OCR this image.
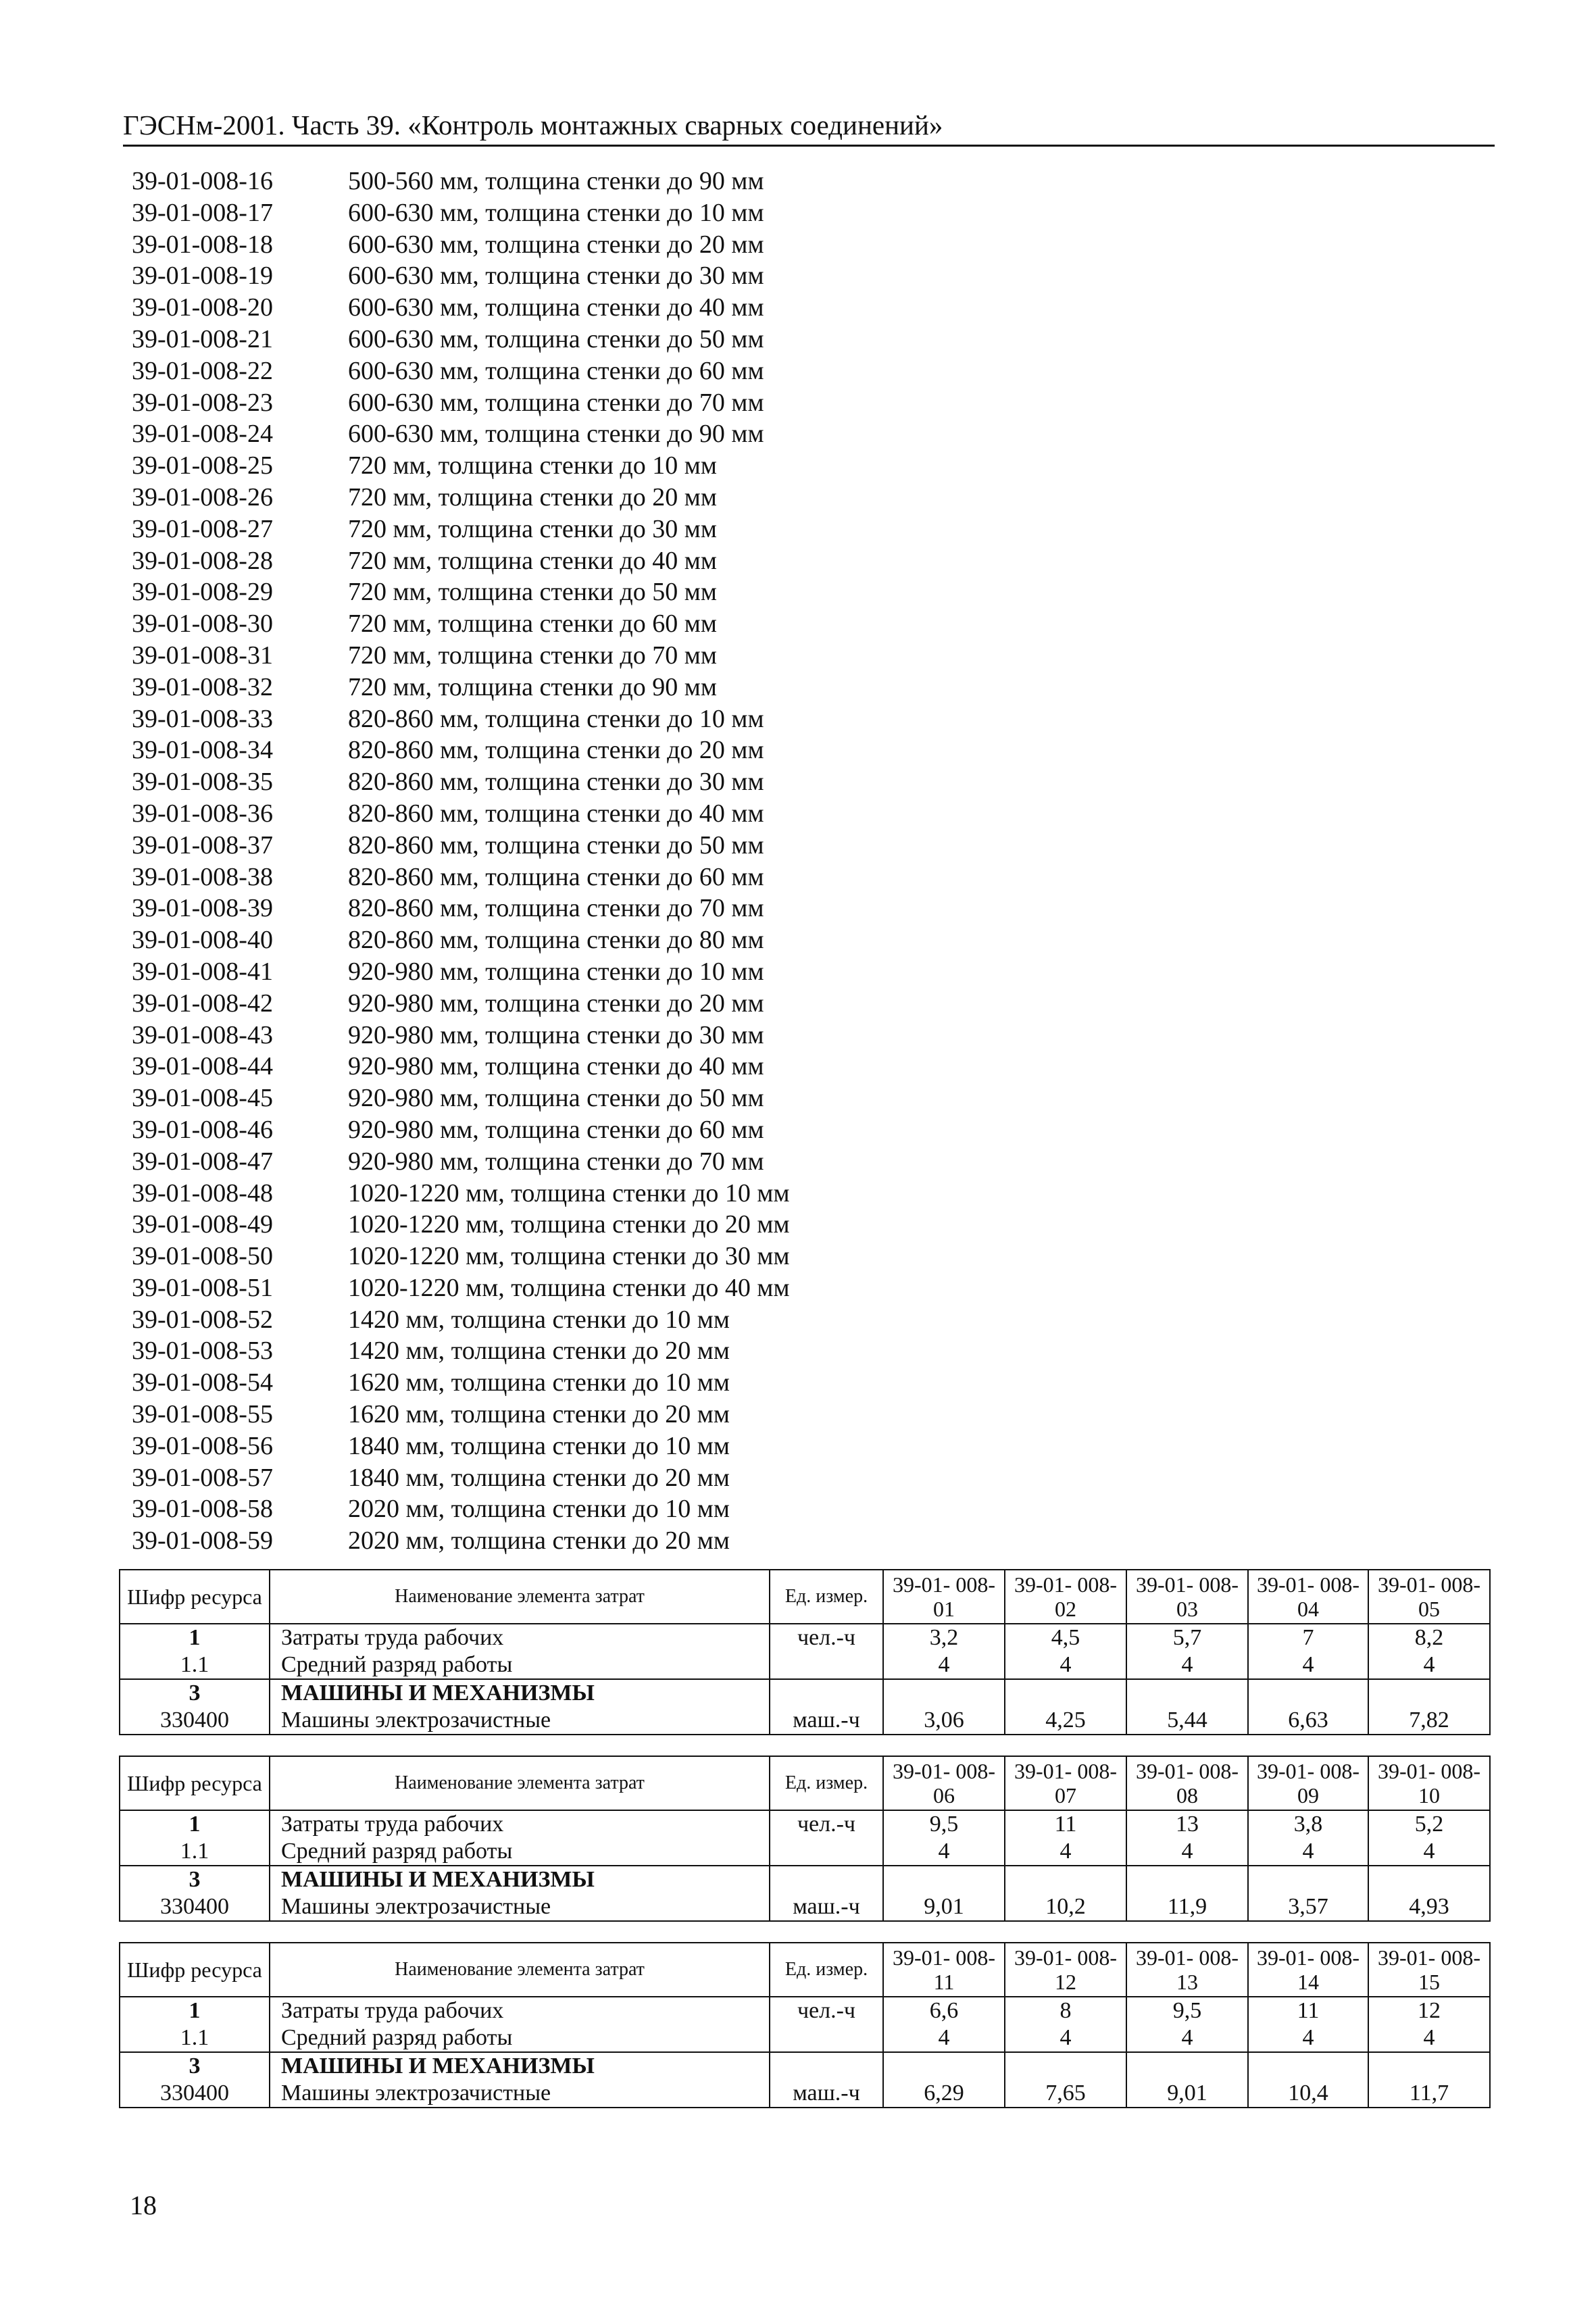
ГЭСНм-2001. Часть 39. «Контроль монтажных сварных соединений»
39-01-008-16	500-560 мм, толщина стенки до 90 мм
39-01-008-17	600-630 мм, толщина стенки до 10 мм
39-01-008-18	600-630 мм, толщина стенки до 20 мм
39-01-008-19	600-630 мм, толщина стенки до 30 мм
39-01-008-20	600-630 мм, толщина стенки до 40 мм
39-01-008-21	600-630 мм, толщина стенки до 50 мм
39-01-008-22	600-630 мм, толщина стенки до 60 мм
39-01-008-23	600-630 мм, толщина стенки до 70 мм
39-01-008-24	600-630 мм, толщина стенки до 90 мм
39-01-008-25	720 мм, толщина стенки до 10 мм
39-01-008-26	720 мм, толщина стенки до 20 мм
39-01-008-27	720 мм, толщина стенки до 30 мм
39-01-008-28	720 мм, толщина стенки до 40 мм
39-01-008-29	720 мм, толщина стенки до 50 мм
39-01-008-30	720 мм, толщина стенки до 60 мм
39-01-008-31	720 мм, толщина стенки до 70 мм
39-01-008-32	720 мм, толщина стенки до 90 мм
39-01-008-33	820-860 мм, толщина стенки до 10 мм
39-01-008-34	820-860 мм, толщина стенки до 20 мм
39-01-008-35	820-860 мм, толщина стенки до 30 мм
39-01-008-36	820-860 мм, толщина стенки до 40 мм
39-01-008-37	820-860 мм, толщина стенки до 50 мм
39-01-008-38	820-860 мм, толщина стенки до 60 мм
39-01-008-39	820-860 мм, толщина стенки до 70 мм
39-01-008-40	820-860 мм, толщина стенки до 80 мм
39-01-008-41	920-980 мм, толщина стенки до 10 мм
39-01-008-42	920-980 мм, толщина стенки до 20 мм
39-01-008-43	920-980 мм, толщина стенки до 30 мм
39-01-008-44	920-980 мм, толщина стенки до 40 мм
39-01-008-45	920-980 мм, толщина стенки до 50 мм
39-01-008-46	920-980 мм, толщина стенки до 60 мм
39-01-008-47	920-980 мм, толщина стенки до 70 мм
39-01-008-48	1020-1220 мм, толщина стенки до 10 мм
39-01-008-49	1020-1220 мм, толщина стенки до 20 мм
39-01-008-50	1020-1220 мм, толщина стенки до 30 мм
39-01-008-51	1020-1220 мм, толщина стенки до 40 мм
39-01-008-52	1420 мм, толщина стенки до 10 мм
39-01-008-53	1420 мм, толщина стенки до 20 мм
39-01-008-54	1620 мм, толщина стенки до 10 мм
39-01-008-55	1620 мм, толщина стенки до 20 мм
39-01-008-56	1840 мм, толщина стенки до 10 мм
39-01-008-57	1840 мм, толщина стенки до 20 мм
39-01-008-58	2020 мм, толщина стенки до 10 мм
39-01-008-59	2020 мм, толщина стенки до 20 мм
Шифр ресурса	Наименование элемента затрат	Ед. измер.	39-01- 008-01	39-01- 008-02	39-01- 008-03	39-01- 008-04	39-01- 008-05
1	Затраты труда рабочих	чел.-ч	3,2	4,5	5,7	7	8,2
1.1	Средний разряд работы		4	4	4	4	4
3	МАШИНЫ И МЕХАНИЗМЫ						
330400	Машины электрозачистные	маш.-ч	3,06	4,25	5,44	6,63	7,82
Шифр ресурса	Наименование элемента затрат	Ед. измер.	39-01- 008-06	39-01- 008-07	39-01- 008-08	39-01- 008-09	39-01- 008-10
1	Затраты труда рабочих	чел.-ч	9,5	11	13	3,8	5,2
1.1	Средний разряд работы		4	4	4	4	4
3	МАШИНЫ И МЕХАНИЗМЫ						
330400	Машины электрозачистные	маш.-ч	9,01	10,2	11,9	3,57	4,93
Шифр ресурса	Наименование элемента затрат	Ед. измер.	39-01- 008-11	39-01- 008-12	39-01- 008-13	39-01- 008-14	39-01- 008-15
1	Затраты труда рабочих	чел.-ч	6,6	8	9,5	11	12
1.1	Средний разряд работы		4	4	4	4	4
3	МАШИНЫ И МЕХАНИЗМЫ						
330400	Машины электрозачистные	маш.-ч	6,29	7,65	9,01	10,4	11,7
18
